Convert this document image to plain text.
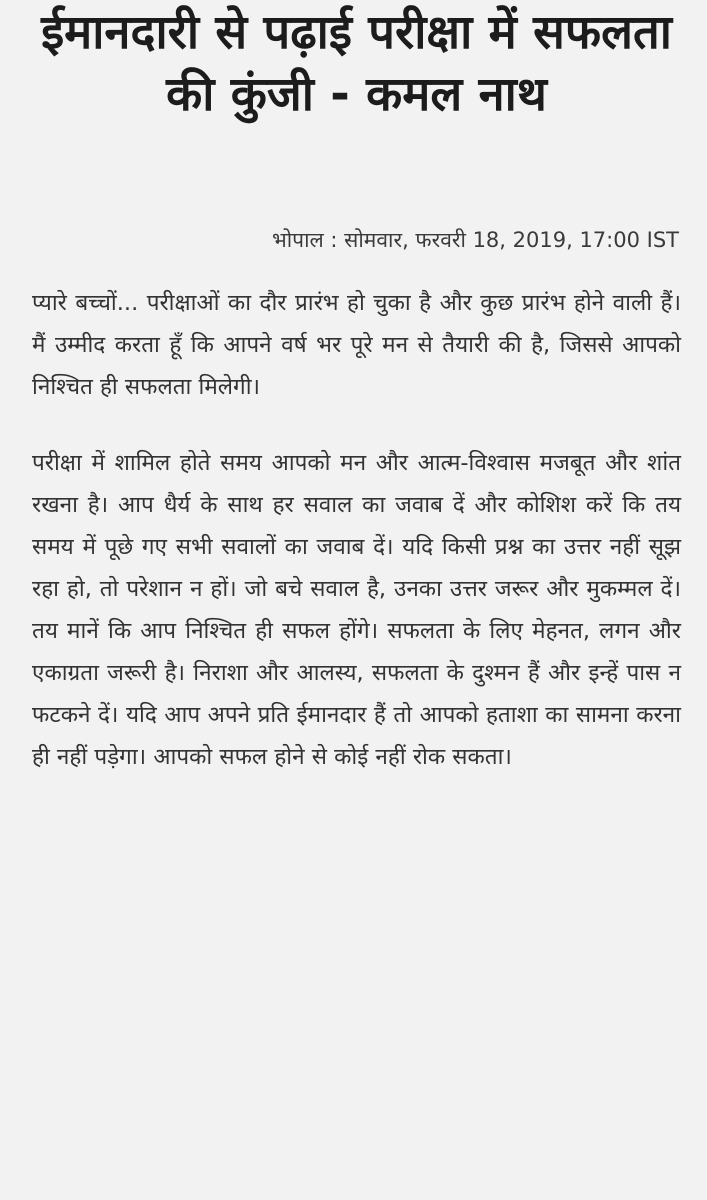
ईमानदारी से पढ़ाई परीक्षा में सफलता की कुंजी - कमल नाथ
भोपाल : सोमवार, फरवरी 18, 2019, 17:00 IST

प्यारे बच्चों... परीक्षाओं का दौर प्रारंभ हो चुका है और कुछ प्रारंभ होने वाली हैं। मैं उम्मीद करता हूँ कि आपने वर्ष भर पूरे मन से तैयारी की है, जिससे आपको निश्चित ही सफलता मिलेगी।

परीक्षा में शामिल होते समय आपको मन और आत्म-विश्वास मजबूत और शांत रखना है। आप धैर्य के साथ हर सवाल का जवाब दें और कोशिश करें कि तय समय में पूछे गए सभी सवालों का जवाब दें। यदि किसी प्रश्न का उत्तर नहीं सूझ रहा हो, तो परेशान न हों। जो बचे सवाल है, उनका उत्तर जरूर और मुकम्मल दें। तय मानें कि आप निश्चित ही सफल होंगे। सफलता के लिए मेहनत, लगन और एकाग्रता जरूरी है। निराशा और आलस्य, सफलता के दुश्मन हैं और इन्हें पास न फटकने दें। यदि आप अपने प्रति ईमानदार हैं तो आपको हताशा का सामना करना ही नहीं पड़ेगा। आपको सफल होने से कोई नहीं रोक सकता।
